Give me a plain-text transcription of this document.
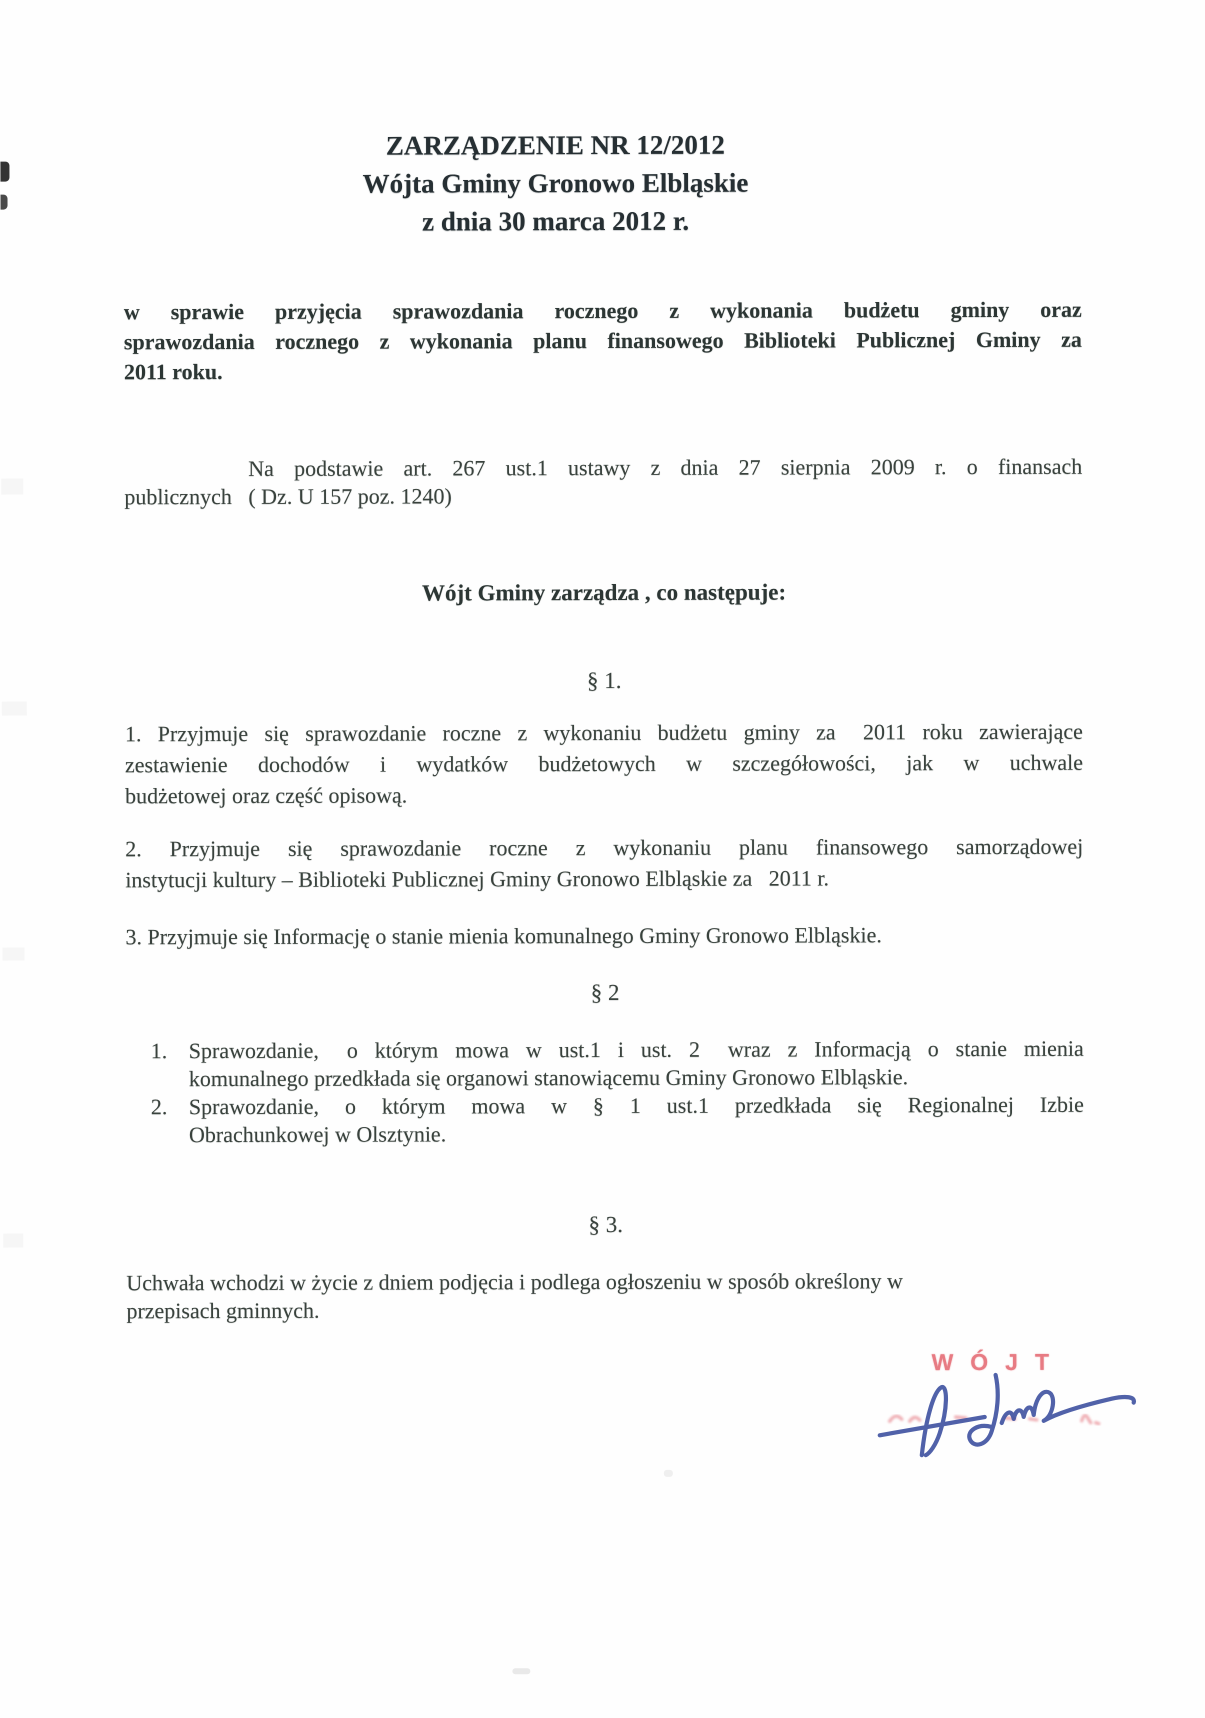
ZARZĄDZENIE NR 12/2012
Wójta Gminy Gronowo Elbląskie
z dnia 30 marca 2012 r.
w sprawie przyjęcia sprawozdania rocznego z wykonania budżetu gminy oraz
sprawozdania rocznego z wykonania planu finansowego Biblioteki Publicznej Gminy za
2011 roku.
Na podstawie art. 267 ust.1 ustawy z dnia 27 sierpnia 2009 r. o finansach
publicznych  ( Dz. U 157 poz. 1240)
Wójt Gminy zarządza , co następuje:
§ 1.
1. Przyjmuje się sprawozdanie roczne z wykonaniu budżetu gminy za  2011 roku zawierające
zestawienie dochodów i wydatków budżetowych w szczegółowości, jak w uchwale
budżetowej oraz część opisową.
2. Przyjmuje się sprawozdanie roczne z wykonaniu planu finansowego samorządowej
instytucji kultury – Biblioteki Publicznej Gminy Gronowo Elbląskie za  2011 r.
3. Przyjmuje się Informację o stanie mienia komunalnego Gminy Gronowo Elbląskie.
§ 2
1. Sprawozdanie,  o którym mowa w ust.1 i ust. 2  wraz z Informacją o stanie mienia
komunalnego przedkłada się organowi stanowiącemu Gminy Gronowo Elbląskie.
2. Sprawozdanie, o którym mowa w § 1 ust.1 przedkłada się Regionalnej Izbie
Obrachunkowej w Olsztynie.
§ 3.
Uchwała wchodzi w życie z dniem podjęcia i podlega ogłoszeniu w sposób określony w
przepisach gminnych.
WÓJT
